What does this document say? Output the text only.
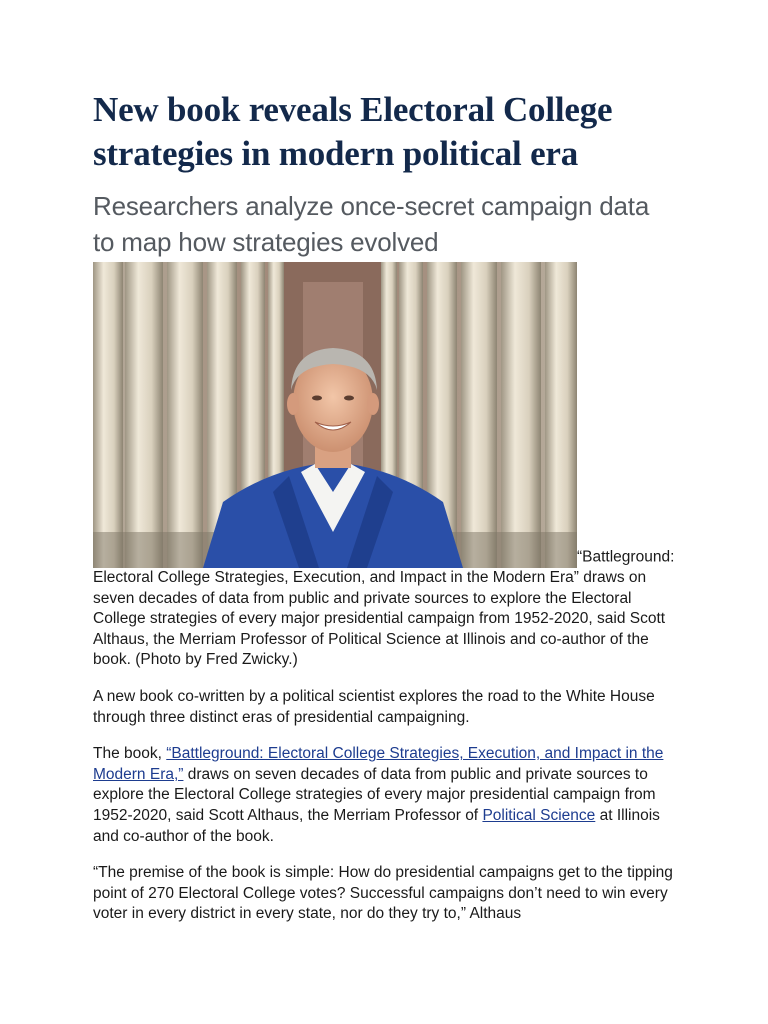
New book reveals Electoral College strategies in modern political era
Researchers analyze once-secret campaign data to map how strategies evolved
“Battleground: Electoral College Strategies, Execution, and Impact in the Modern Era” draws on seven decades of data from public and private sources to explore the Electoral College strategies of every major presidential campaign from 1952-2020, said Scott Althaus, the Merriam Professor of Political Science at Illinois and co-author of the book. (Photo by Fred Zwicky.)

A new book co-written by a political scientist explores the road to the White House through three distinct eras of presidential campaigning.

The book, “Battleground: Electoral College Strategies, Execution, and Impact in the Modern Era,” draws on seven decades of data from public and private sources to explore the Electoral College strategies of every major presidential campaign from 1952-2020, said Scott Althaus, the Merriam Professor of Political Science at Illinois and co-author of the book.

“The premise of the book is simple: How do presidential campaigns get to the tipping point of 270 Electoral College votes? Successful campaigns don’t need to win every voter in every district in every state, nor do they try to,” Althaus
